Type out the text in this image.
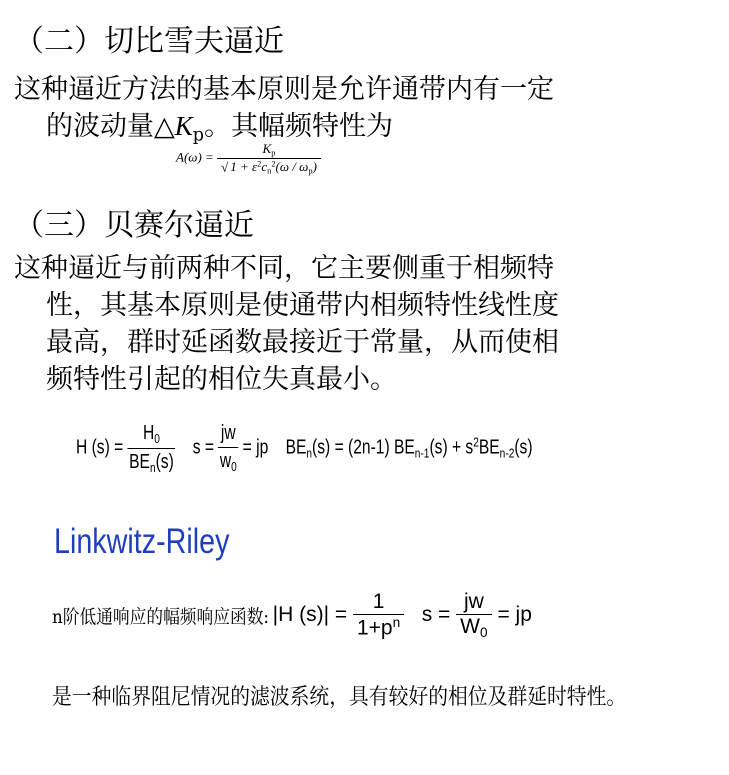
（二）切比雪夫逼近
这种逼近方法的基本原则是允许通带内有一定
的波动量$\triangle K_p$。其幅频特性为
$A(\omega) = \frac{K_p}{√ 1 + \varepsilon^2c_n^2(\omega / \omega_p)}$
（三）贝赛尔逼近
这种逼近与前两种不同，它主要侧重于相频特
性，其基本原则是使通带内相频特性线性度
最高，群时延函数最接近于常量，从而使相
频特性引起的相位失真最小。
H $(s) = \frac{H_0}{BE_n(s)}$ $s = \frac{jw}{w_0}$ = jp $BE_n(s) = (2n-1) BE_{n-1}(s) + s^2BE_{n-2}(s)$
Linkwitz-Riley
n阶低通响应的幅频响应函数: |H $(s)| = \frac{1}{1+p^n}$ $s = \frac{jw}{W_0}$ = jp
是一种临界阻尼情况的滤波系统，具有较好的相位及群延时特性。
